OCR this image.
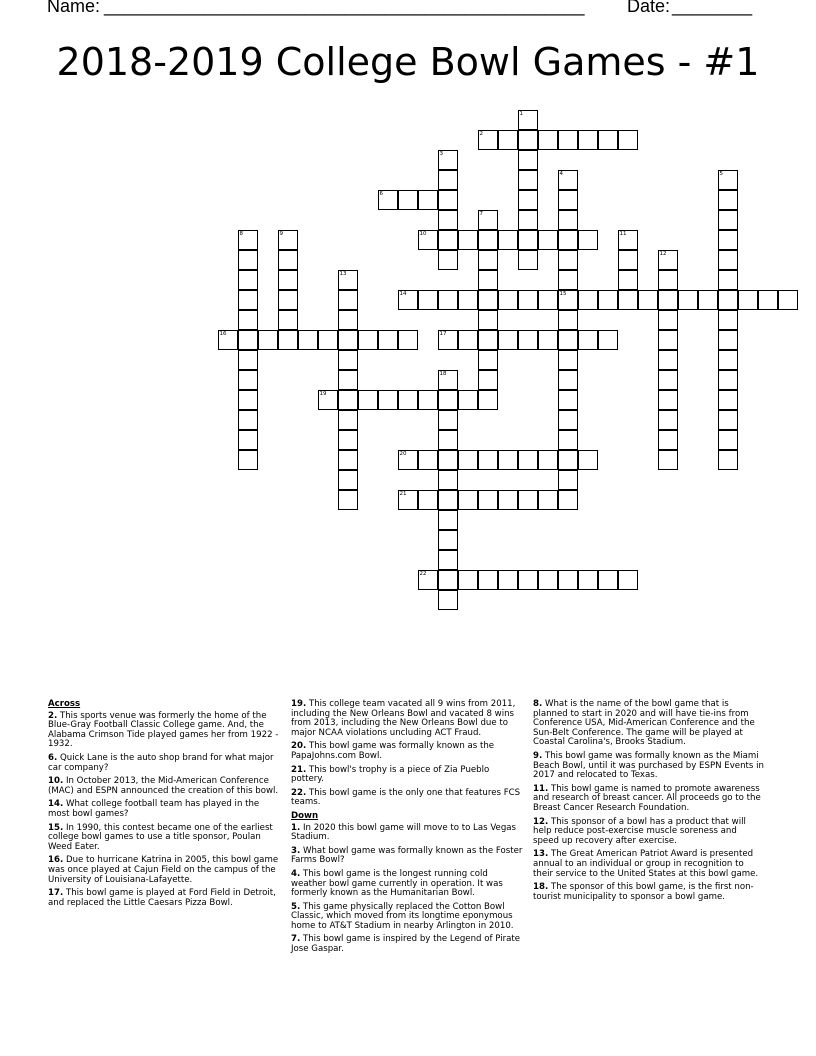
Name: ________________________________________________ Date: ________
2018-2019 College Bowl Games - #1
1
2
3
4	5
6
7
8	9	10	11
12
13
14	15
16	17
18
19
20
21
22
Across
2. This sports venue was formerly the home of the Blue-Gray Football Classic College game. And, the Alabama Crimson Tide played games her from 1922 - 1932.
6. Quick Lane is the auto shop brand for what major car company?
10. In October 2013, the Mid-American Conference (MAC) and ESPN announced the creation of this bowl.
14. What college football team has played in the most bowl games?
15. In 1990, this contest became one of the earliest college bowl games to use a title sponsor, Poulan Weed Eater.
16. Due to hurricane Katrina in 2005, this bowl game was once played at Cajun Field on the campus of the University of Louisiana-Lafayette.
17. This bowl game is played at Ford Field in Detroit, and replaced the Little Caesars Pizza Bowl.
19. This college team vacated all 9 wins from 2011, including the New Orleans Bowl and vacated 8 wins from 2013, including the New Orleans Bowl due to major NCAA violations uncluding ACT Fraud.
20. This bowl game was formally known as the PapaJohns.com Bowl.
21. This bowl's trophy is a piece of Zia Pueblo pottery.
22. This bowl game is the only one that features FCS teams.
Down
1. In 2020 this bowl game will move to to Las Vegas Stadium.
3. What bowl game was formally known as the Foster Farms Bowl?
4. This bowl game is the longest running cold weather bowl game currently in operation. It was formerly known as the Humanitarian Bowl.
5. This game physically replaced the Cotton Bowl Classic, which moved from its longtime eponymous home to AT&T Stadium in nearby Arlington in 2010.
7. This bowl game is inspired by the Legend of Pirate Jose Gaspar.
8. What is the name of the bowl game that is planned to start in 2020 and will have tie-ins from Conference USA, Mid-American Conference and the Sun-Belt Conference. The game will be played at Coastal Carolina's, Brooks Stadium.
9. This bowl game was formally known as the Miami Beach Bowl, until it was purchased by ESPN Events in 2017 and relocated to Texas.
11. This bowl game is named to promote awareness and research of breast cancer. All proceeds go to the Breast Cancer Research Foundation.
12. This sponsor of a bowl has a product that will help reduce post-exercise muscle soreness and speed up recovery after exercise.
13. The Great American Patriot Award is presented annual to an individual or group in recognition to their service to the United States at this bowl game.
18. The sponsor of this bowl game, is the first non-tourist municipality to sponsor a bowl game.
